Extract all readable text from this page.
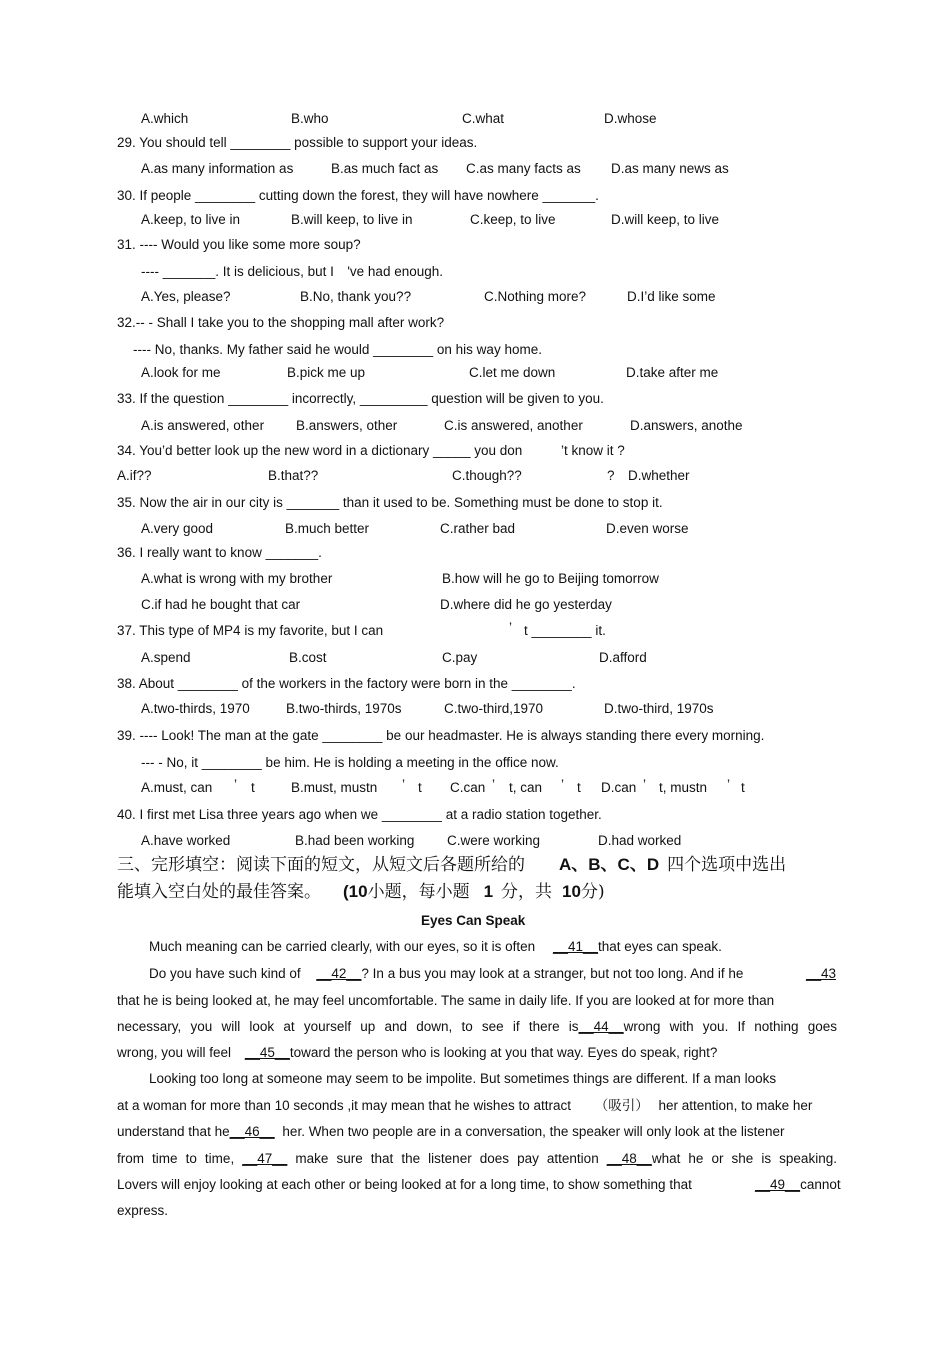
A.which	B.who	C.what	D.whose
29. You should tell ________ possible to support your ideas.
A.as many information as	B.as much fact as C.as many facts as D.as many news as
30. If people ________ cutting down the forest, they will have nowhere _______.
A.keep, to live in	B.will keep, to live in	C.keep, to live	D.will keep, to live
31. ---- Would you like some more soup?
---- _______. It is delicious, but I　've had enough.
A.Yes, please?	B.No, thank you??	C.Nothing more?	D.I’d like some
32.-- - Shall I take you to the shopping mall after work?
---- No, thanks. My father said he would ________ on his way home.
A.look for me	B.pick me up	C.let me down	D.take after me
33. If the question ________ incorrectly, _________ question will be given to you.
A.is answered, other B.answers, other	C.is answered, another	D.answers, anothe
34. You’d better look up the new word in a dictionary _____ you don	’t know it ?
A.if??	B.that??	C.though??	? D.whether
35. Now the air in our city is _______ than it used to be. Something must be done to stop it.
A.very good	B.much better	C.rather bad	D.even worse
36. I really want to know _______.
A.what is wrong with my brother	B.how will he go to Beijing tomorrow
C.if had he bought that car	D.where did he go yesterday
37. This type of MP4 is my favorite, but I can	’ t ________ it.
A.spend	B.cost	C.pay	D.afford
38. About ________ of the workers in the factory were born in the ________.
A.two-thirds, 1970	B.two-thirds, 1970s	C.two-third,1970	D.two-third, 1970s
39. ---- Look! The man at the gate ________ be our headmaster. He is always standing there every morning.
--- - No, it ________ be him. He is holding a meeting in the office now.
A.must, can ’ t	B.must, mustn ’ t C.can ’ t, can ’ t D.can ’ t, mustn ’ t
40. I first met Lisa three years ago when we ________ at a radio station together.
A.have worked	B.had been working C.were working	D.had worked
三、完形填空：阅读下面的短文，从短文后各题所给的 A、B、C、D 四个选项中选出
能填入空白处的最佳答案。 (10小题，每小题 1 分，共 10分)
Eyes Can Speak
Much meaning can be carried clearly, with our eyes, so it is often __41__that eyes can speak.
Do you have such kind of __42__? In a bus you may look at a stranger, but not too long. And if he	__43
that he is being looked at, he may feel uncomfortable. The same in daily life. If you are looked at for more than
necessary, you will look at yourself up and down, to see if there is__44__wrong with you. If nothing goes
wrong, you will feel __45__toward the person who is looking at you that way. Eyes do speak, right?
Looking too long at someone may seem to be impolite. But sometimes things are different. If a man looks
at a woman for more than 10 seconds ,it may mean that he wishes to attract （吸引） her attention, to make her
understand that he__46__ her. When two people are in a conversation, the speaker will only look at the listener
from time to time, __47__ make sure that the listener does pay attention __48__what he or she is speaking.
Lovers will enjoy looking at each other or being looked at for a long time, to show something that	__49__cannot
express.
